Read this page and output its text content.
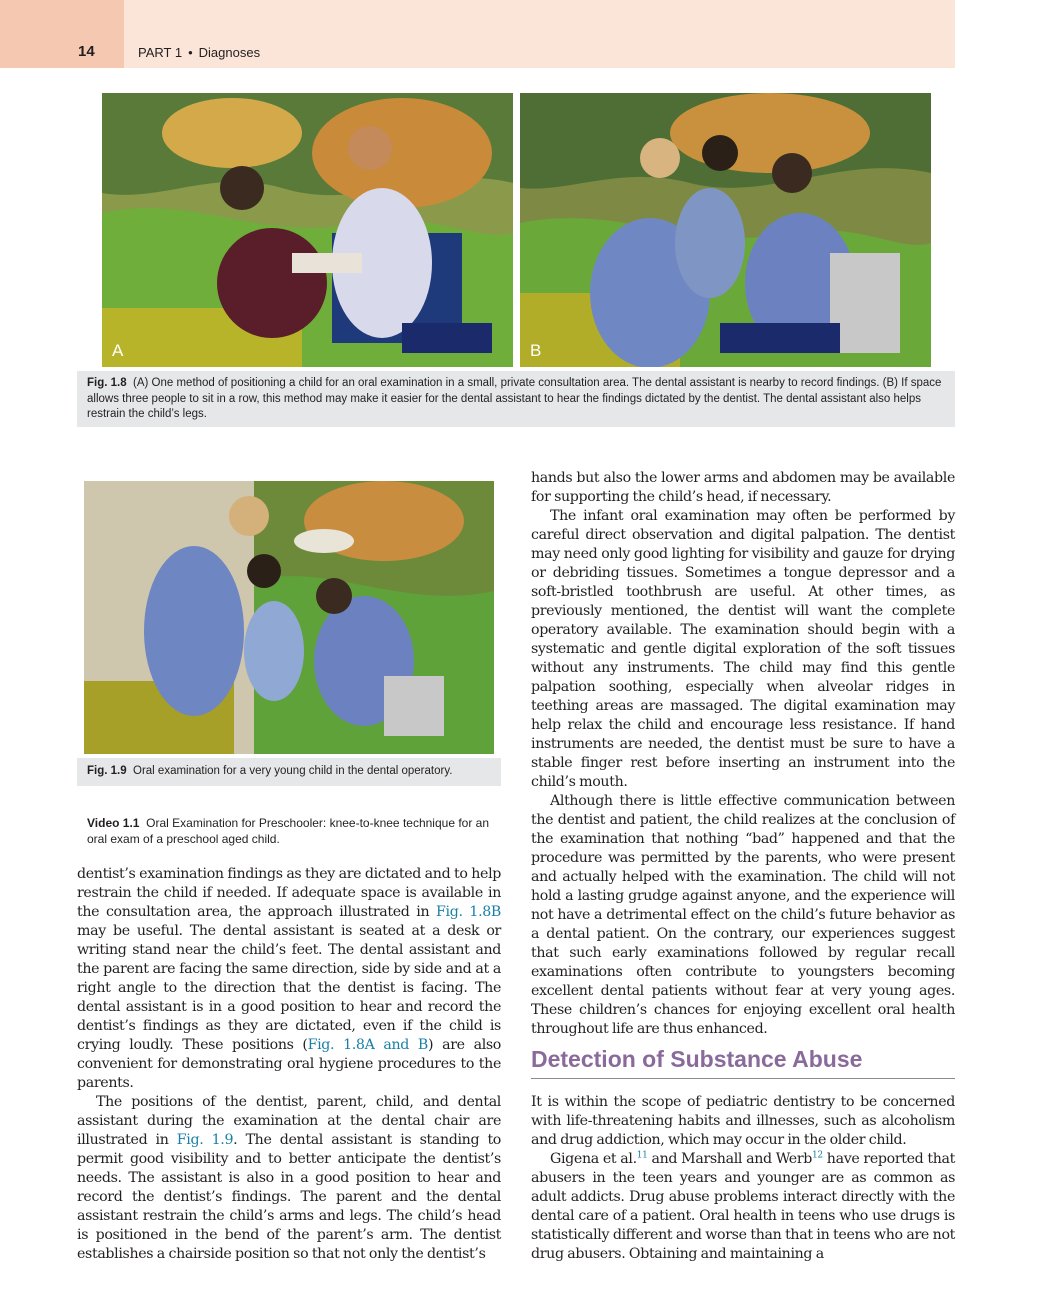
14	PART 1 • Diagnoses
A	B
Fig. 1.8 (A) One method of positioning a child for an oral examination in a small, private consultation area. The dental assistant is nearby to record findings. (B) If space allows three people to sit in a row, this method may make it easier for the dental assistant to hear the findings dictated by the dentist. The dental assistant also helps restrain the child’s legs.
Fig. 1.9 Oral examination for a very young child in the dental operatory.
Video 1.1 Oral Examination for Preschooler: knee-to-knee technique for an oral exam of a preschool aged child.

dentist’s examination findings as they are dictated and to help restrain the child if needed. If adequate space is available in the consultation area, the approach illustrated in Fig. 1.8B may be useful. The dental assistant is seated at a desk or writing stand near the child’s feet. The dental assistant and the parent are facing the same direction, side by side and at a right angle to the direction that the dentist is facing. The dental assistant is in a good position to hear and record the dentist’s findings as they are dictated, even if the child is crying loudly. These positions (Fig. 1.8A and B) are also convenient for demonstrating oral hygiene procedures to the parents.

The positions of the dentist, parent, child, and dental assistant during the examination at the dental chair are illustrated in Fig. 1.9. The dental assistant is standing to permit good visibility and to better anticipate the dentist’s needs. The assistant is also in a good position to hear and record the dentist’s findings. The parent and the dental assistant restrain the child’s arms and legs. The child’s head is positioned in the bend of the parent’s arm. The dentist establishes a chairside position so that not only the dentist’s

hands but also the lower arms and abdomen may be available for supporting the child’s head, if necessary.

The infant oral examination may often be performed by careful direct observation and digital palpation. The dentist may need only good lighting for visibility and gauze for drying or debriding tissues. Sometimes a tongue depressor and a soft-bristled toothbrush are useful. At other times, as previously mentioned, the dentist will want the complete operatory available. The examination should begin with a systematic and gentle digital exploration of the soft tissues without any instruments. The child may find this gentle palpation soothing, especially when alveolar ridges in teething areas are massaged. The digital examination may help relax the child and encourage less resistance. If hand instruments are needed, the dentist must be sure to have a stable finger rest before inserting an instrument into the child’s mouth.

Although there is little effective communication between the dentist and patient, the child realizes at the conclusion of the examination that nothing “bad” happened and that the procedure was permitted by the parents, who were present and actually helped with the examination. The child will not hold a lasting grudge against anyone, and the experience will not have a detrimental effect on the child’s future behavior as a dental patient. On the contrary, our experiences suggest that such early examinations followed by regular recall examinations often contribute to youngsters becoming excellent dental patients without fear at very young ages. These children’s chances for enjoying excellent oral health throughout life are thus enhanced.

Detection of Substance Abuse

It is within the scope of pediatric dentistry to be concerned with life-threatening habits and illnesses, such as alcoholism and drug addiction, which may occur in the older child.

Gigena et al.$^{11}$ and Marshall and Werb$^{12}$ have reported that abusers in the teen years and younger are as common as adult addicts. Drug abuse problems interact directly with the dental care of a patient. Oral health in teens who use drugs is statistically different and worse than that in teens who are not drug abusers. Obtaining and maintaining a
